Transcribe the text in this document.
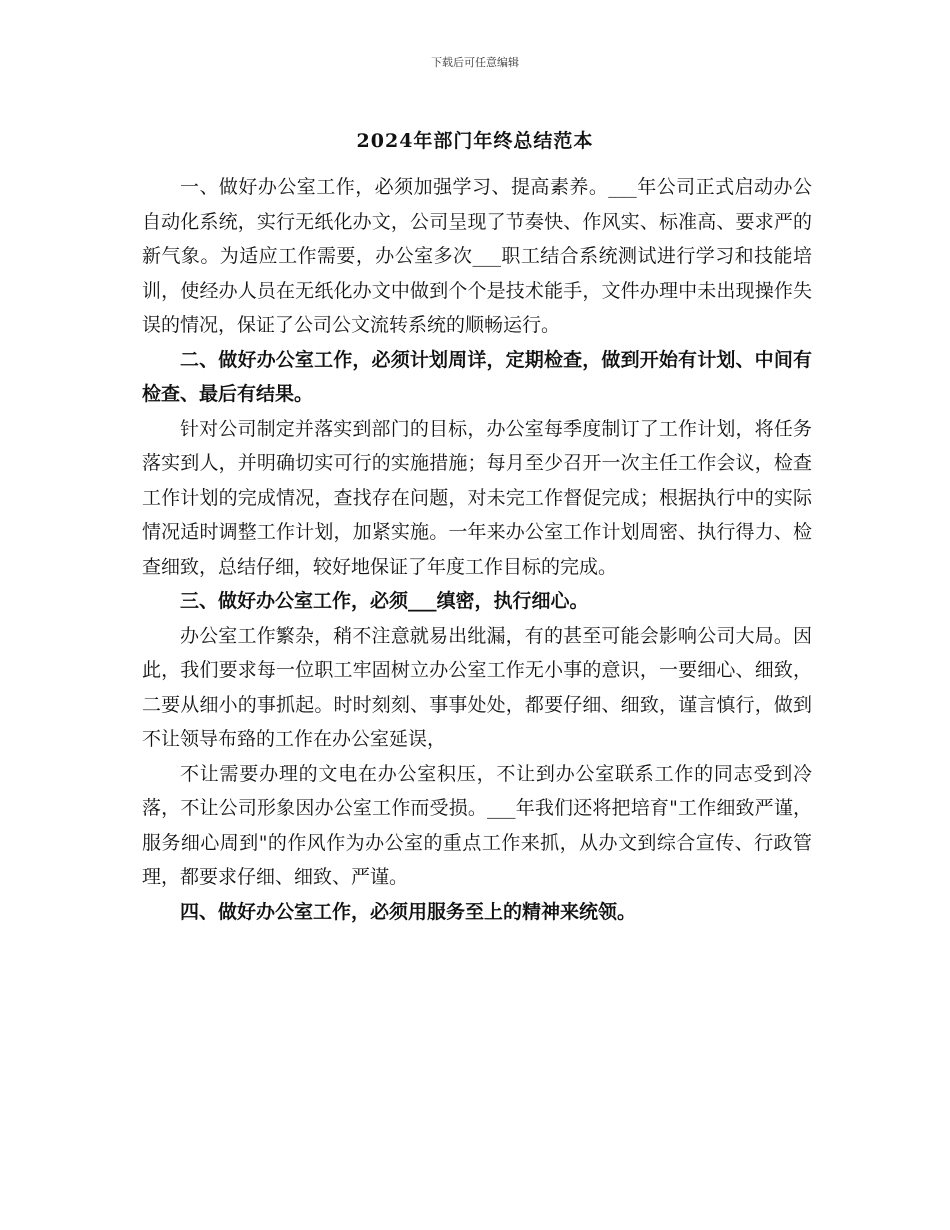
下载后可任意编辑
2024年部门年终总结范本

一、做好办公室工作，必须加强学习、提高素养。___年公司正式启动办公自动化系统，实行无纸化办文，公司呈现了节奏快、作风实、标准高、要求严的新气象。为适应工作需要，办公室多次___职工结合系统测试进行学习和技能培训，使经办人员在无纸化办文中做到个个是技术能手，文件办理中未出现操作失误的情况，保证了公司公文流转系统的顺畅运行。

二、做好办公室工作，必须计划周详，定期检查，做到开始有计划、中间有检查、最后有结果。

针对公司制定并落实到部门的目标，办公室每季度制订了工作计划，将任务落实到人，并明确切实可行的实施措施；每月至少召开一次主任工作会议，检查工作计划的完成情况，查找存在问题，对未完工作督促完成；根据执行中的实际情况适时调整工作计划，加紧实施。一年来办公室工作计划周密、执行得力、检查细致，总结仔细，较好地保证了年度工作目标的完成。

三、做好办公室工作，必须___缜密，执行细心。

办公室工作繁杂，稍不注意就易出纰漏，有的甚至可能会影响公司大局。因此，我们要求每一位职工牢固树立办公室工作无小事的意识，一要细心、细致，二要从细小的事抓起。时时刻刻、事事处处，都要仔细、细致，谨言慎行，做到不让领导布臵的工作在办公室延误，

不让需要办理的文电在办公室积压，不让到办公室联系工作的同志受到冷落，不让公司形象因办公室工作而受损。___年我们还将把培育"工作细致严谨，服务细心周到"的作风作为办公室的重点工作来抓，从办文到综合宣传、行政管理，都要求仔细、细致、严谨。

四、做好办公室工作，必须用服务至上的精神来统领。
